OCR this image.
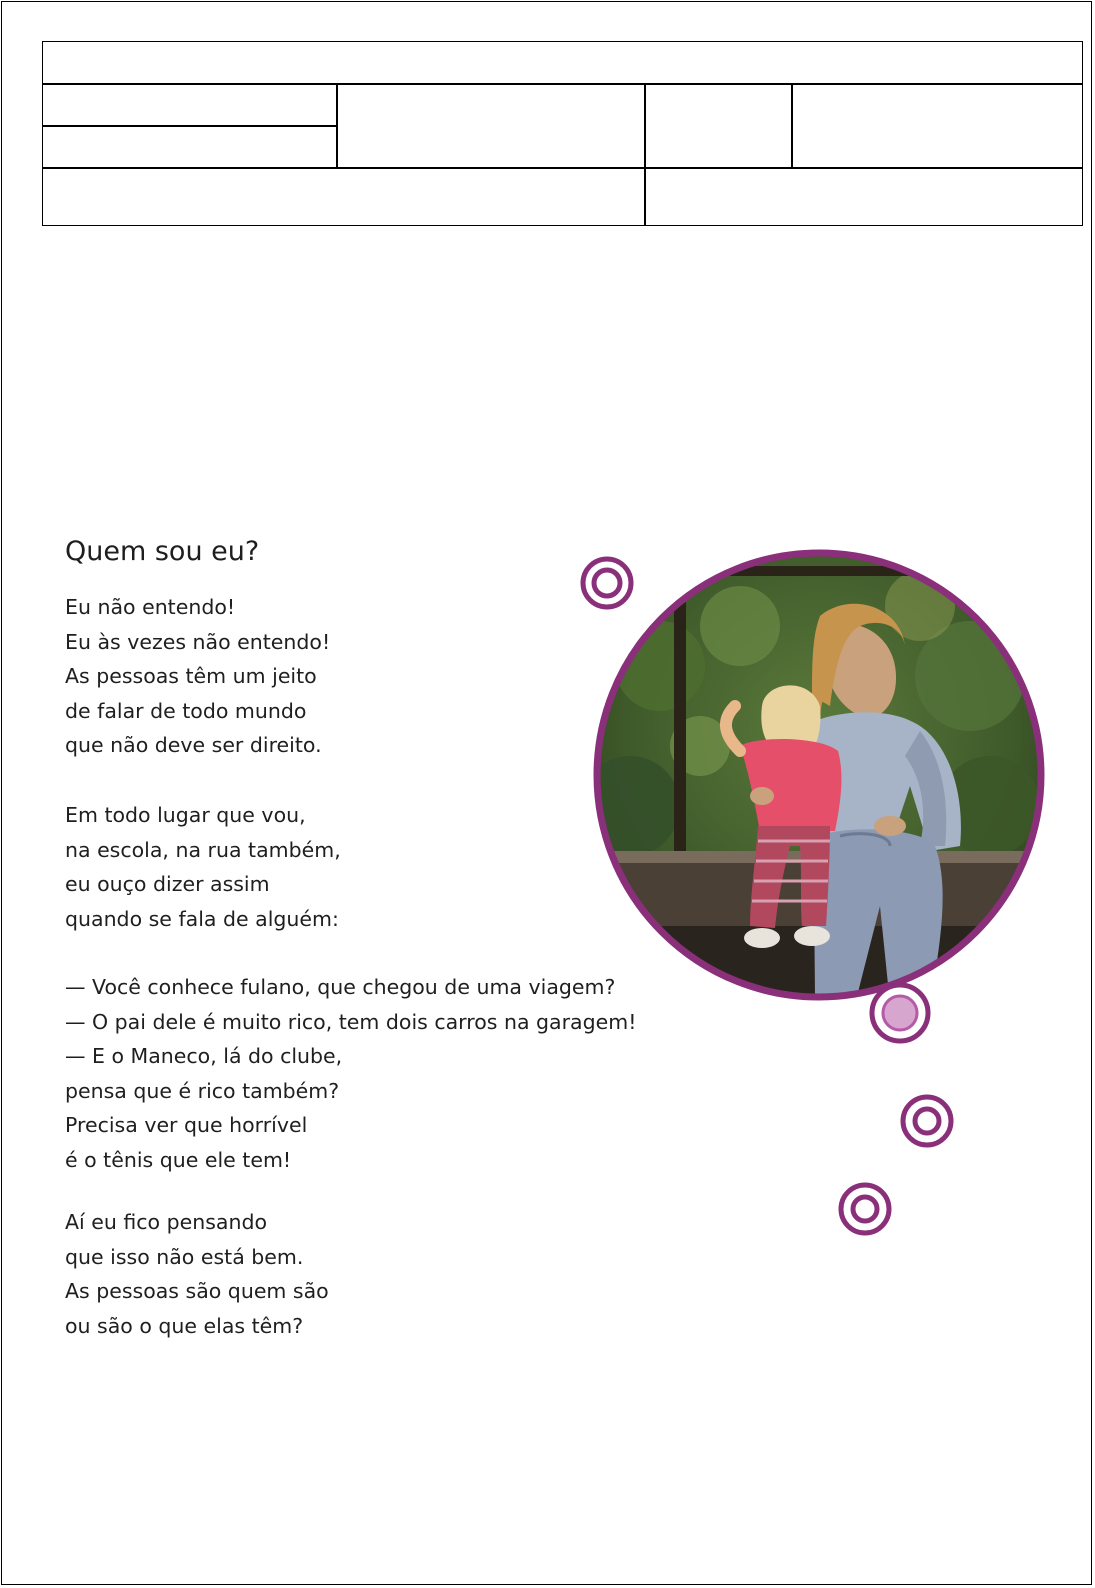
Quem sou eu?
Eu não entendo!
Eu às vezes não entendo!
As pessoas têm um jeito
de falar de todo mundo
que não deve ser direito.
Em todo lugar que vou,
na escola, na rua também,
eu ouço dizer assim
quando se fala de alguém:
— Você conhece fulano, que chegou de uma viagem?
— O pai dele é muito rico, tem dois carros na garagem!
— E o Maneco, lá do clube,
pensa que é rico também?
Precisa ver que horrível
é o tênis que ele tem!
Aí eu fico pensando
que isso não está bem.
As pessoas são quem são
ou são o que elas têm?
